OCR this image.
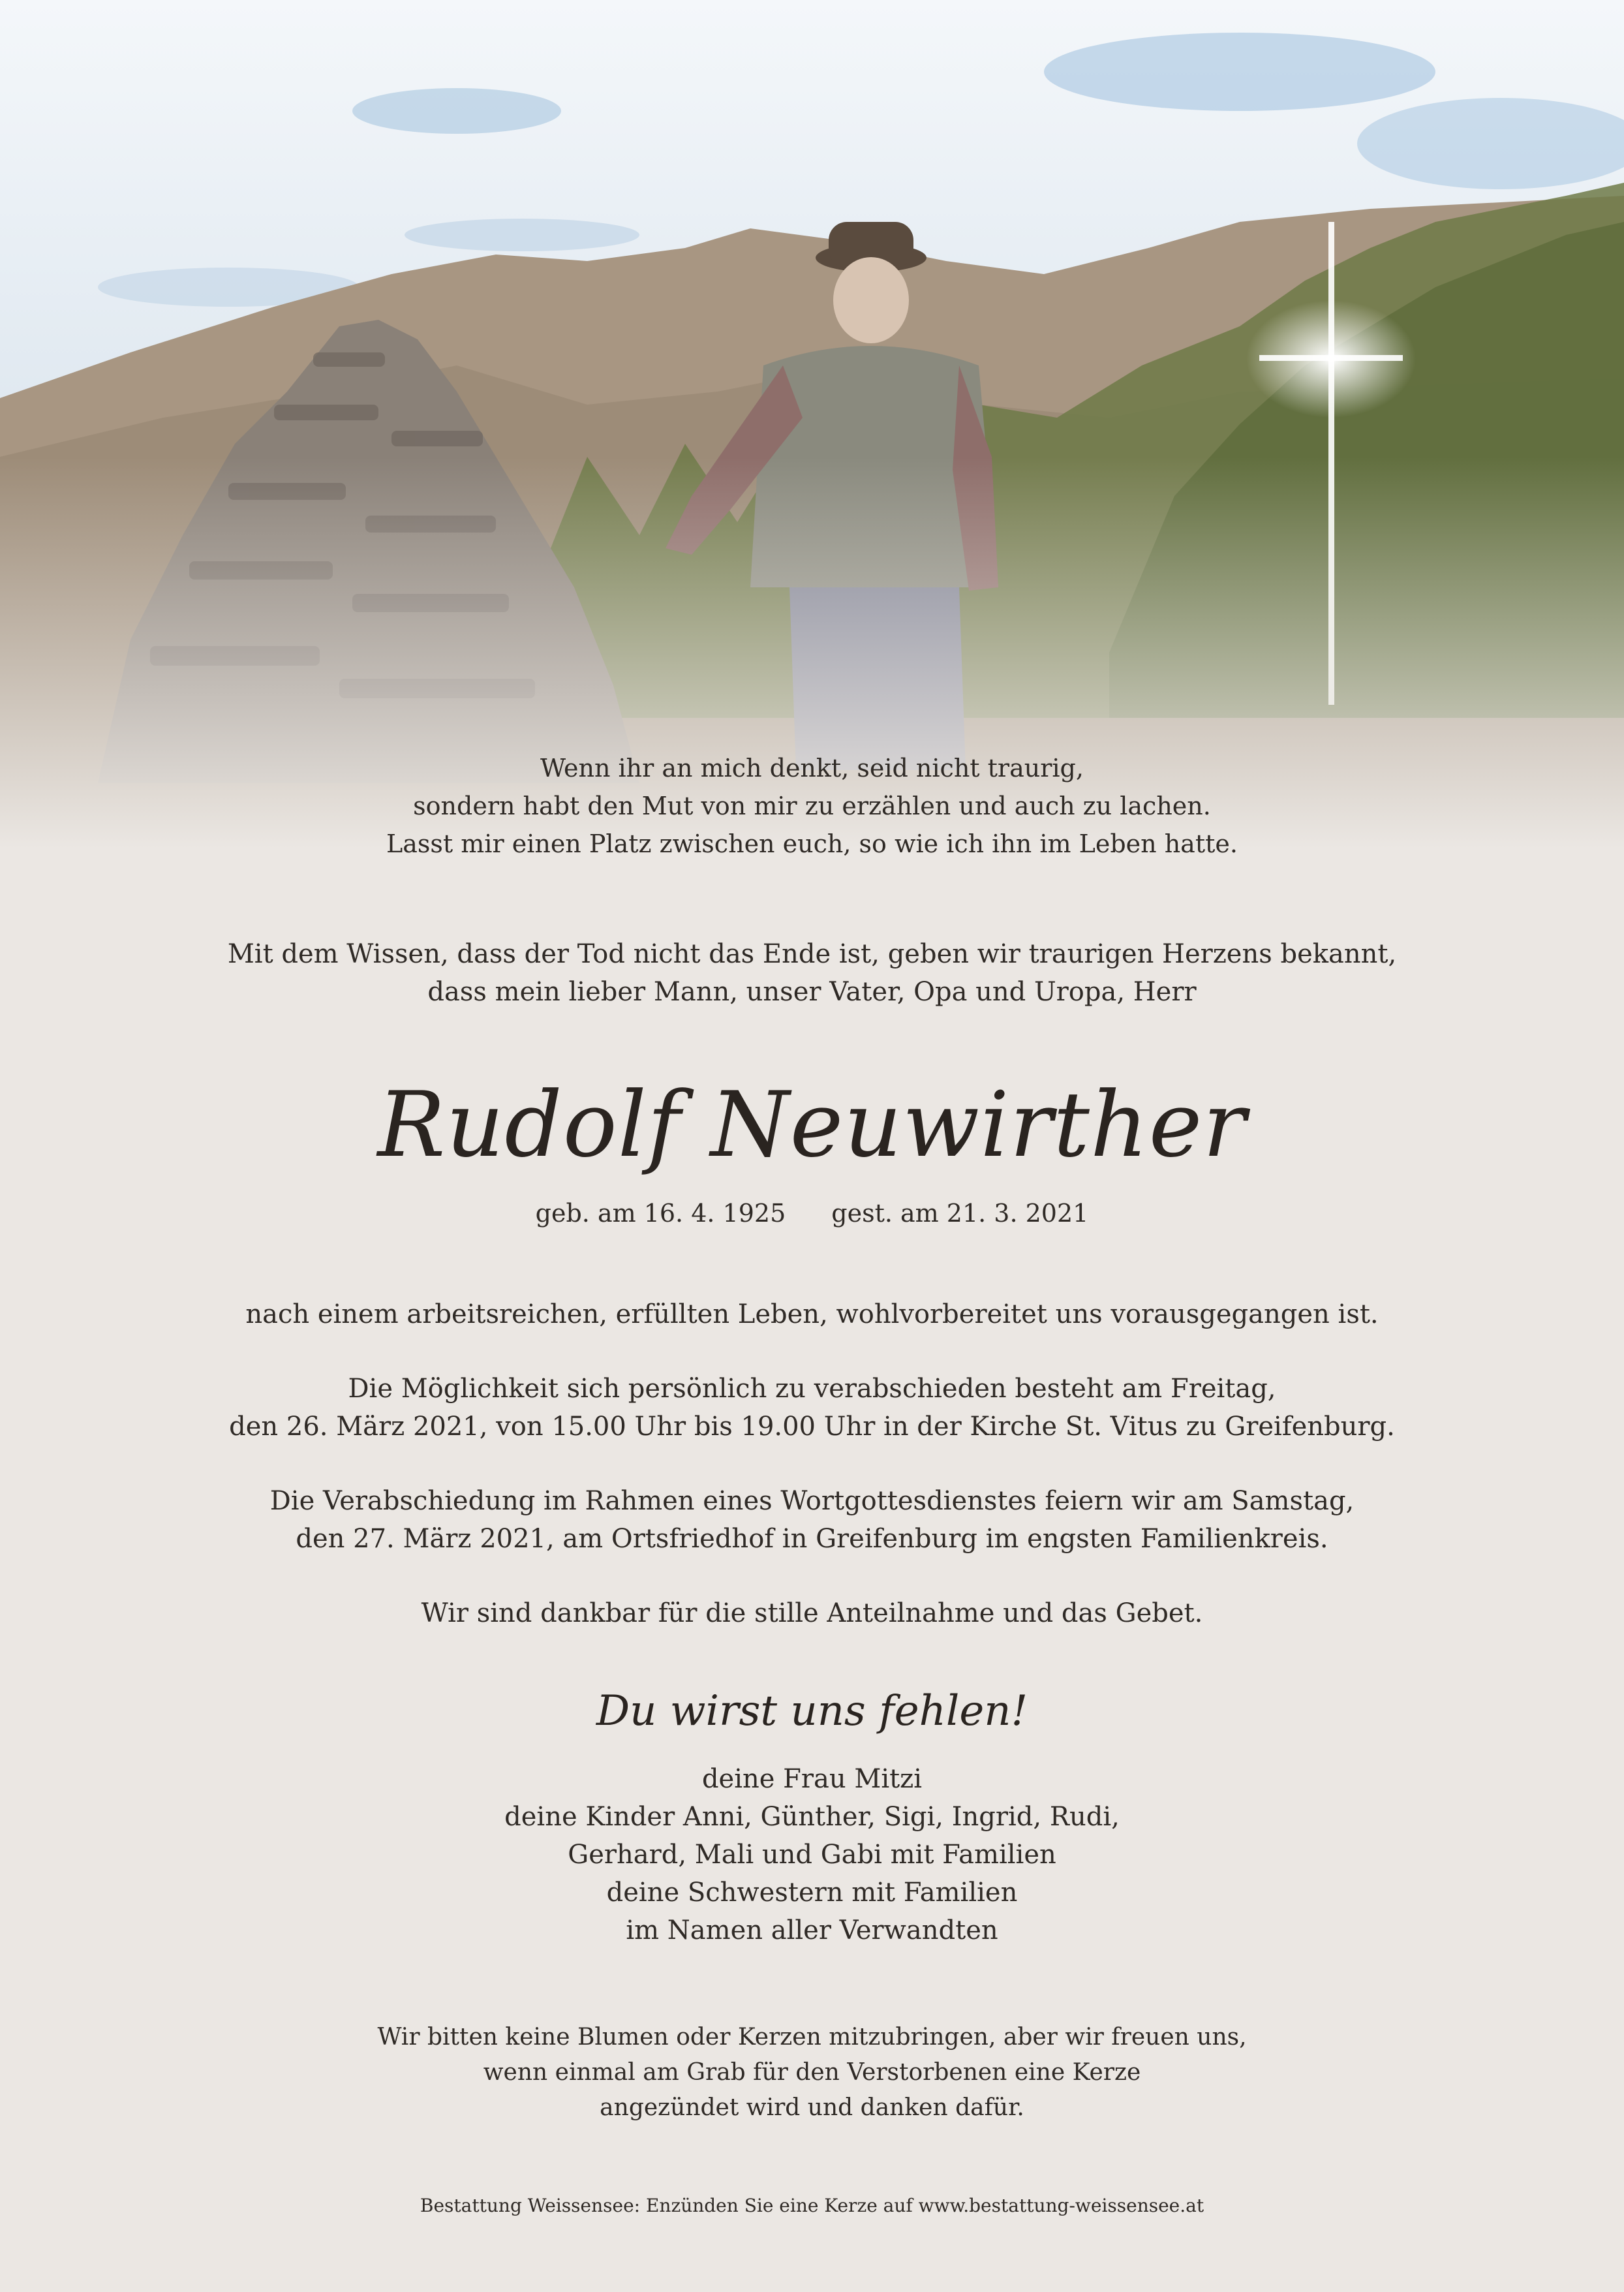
Wenn ihr an mich denkt, seid nicht traurig,
sondern habt den Mut von mir zu erzählen und auch zu lachen.
Lasst mir einen Platz zwischen euch, so wie ich ihn im Leben hatte.
Mit dem Wissen, dass der Tod nicht das Ende ist, geben wir traurigen Herzens bekannt,
dass mein lieber Mann, unser Vater, Opa und Uropa, Herr
Rudolf Neuwirther
geb. am 16. 4. 1925 gest. am 21. 3. 2021
nach einem arbeitsreichen, erfüllten Leben, wohlvorbereitet uns vorausgegangen ist.
Die Möglichkeit sich persönlich zu verabschieden besteht am Freitag,
den 26. März 2021, von 15.00 Uhr bis 19.00 Uhr in der Kirche St. Vitus zu Greifenburg.
Die Verabschiedung im Rahmen eines Wortgottesdienstes feiern wir am Samstag,
den 27. März 2021, am Ortsfriedhof in Greifenburg im engsten Familienkreis.
Wir sind dankbar für die stille Anteilnahme und das Gebet.
Du wirst uns fehlen!
deine Frau Mitzi
deine Kinder Anni, Günther, Sigi, Ingrid, Rudi,
Gerhard, Mali und Gabi mit Familien
deine Schwestern mit Familien
im Namen aller Verwandten
Wir bitten keine Blumen oder Kerzen mitzubringen, aber wir freuen uns,
wenn einmal am Grab für den Verstorbenen eine Kerze
angezündet wird und danken dafür.
Bestattung Weissensee: Enzünden Sie eine Kerze auf www.bestattung-weissensee.at
